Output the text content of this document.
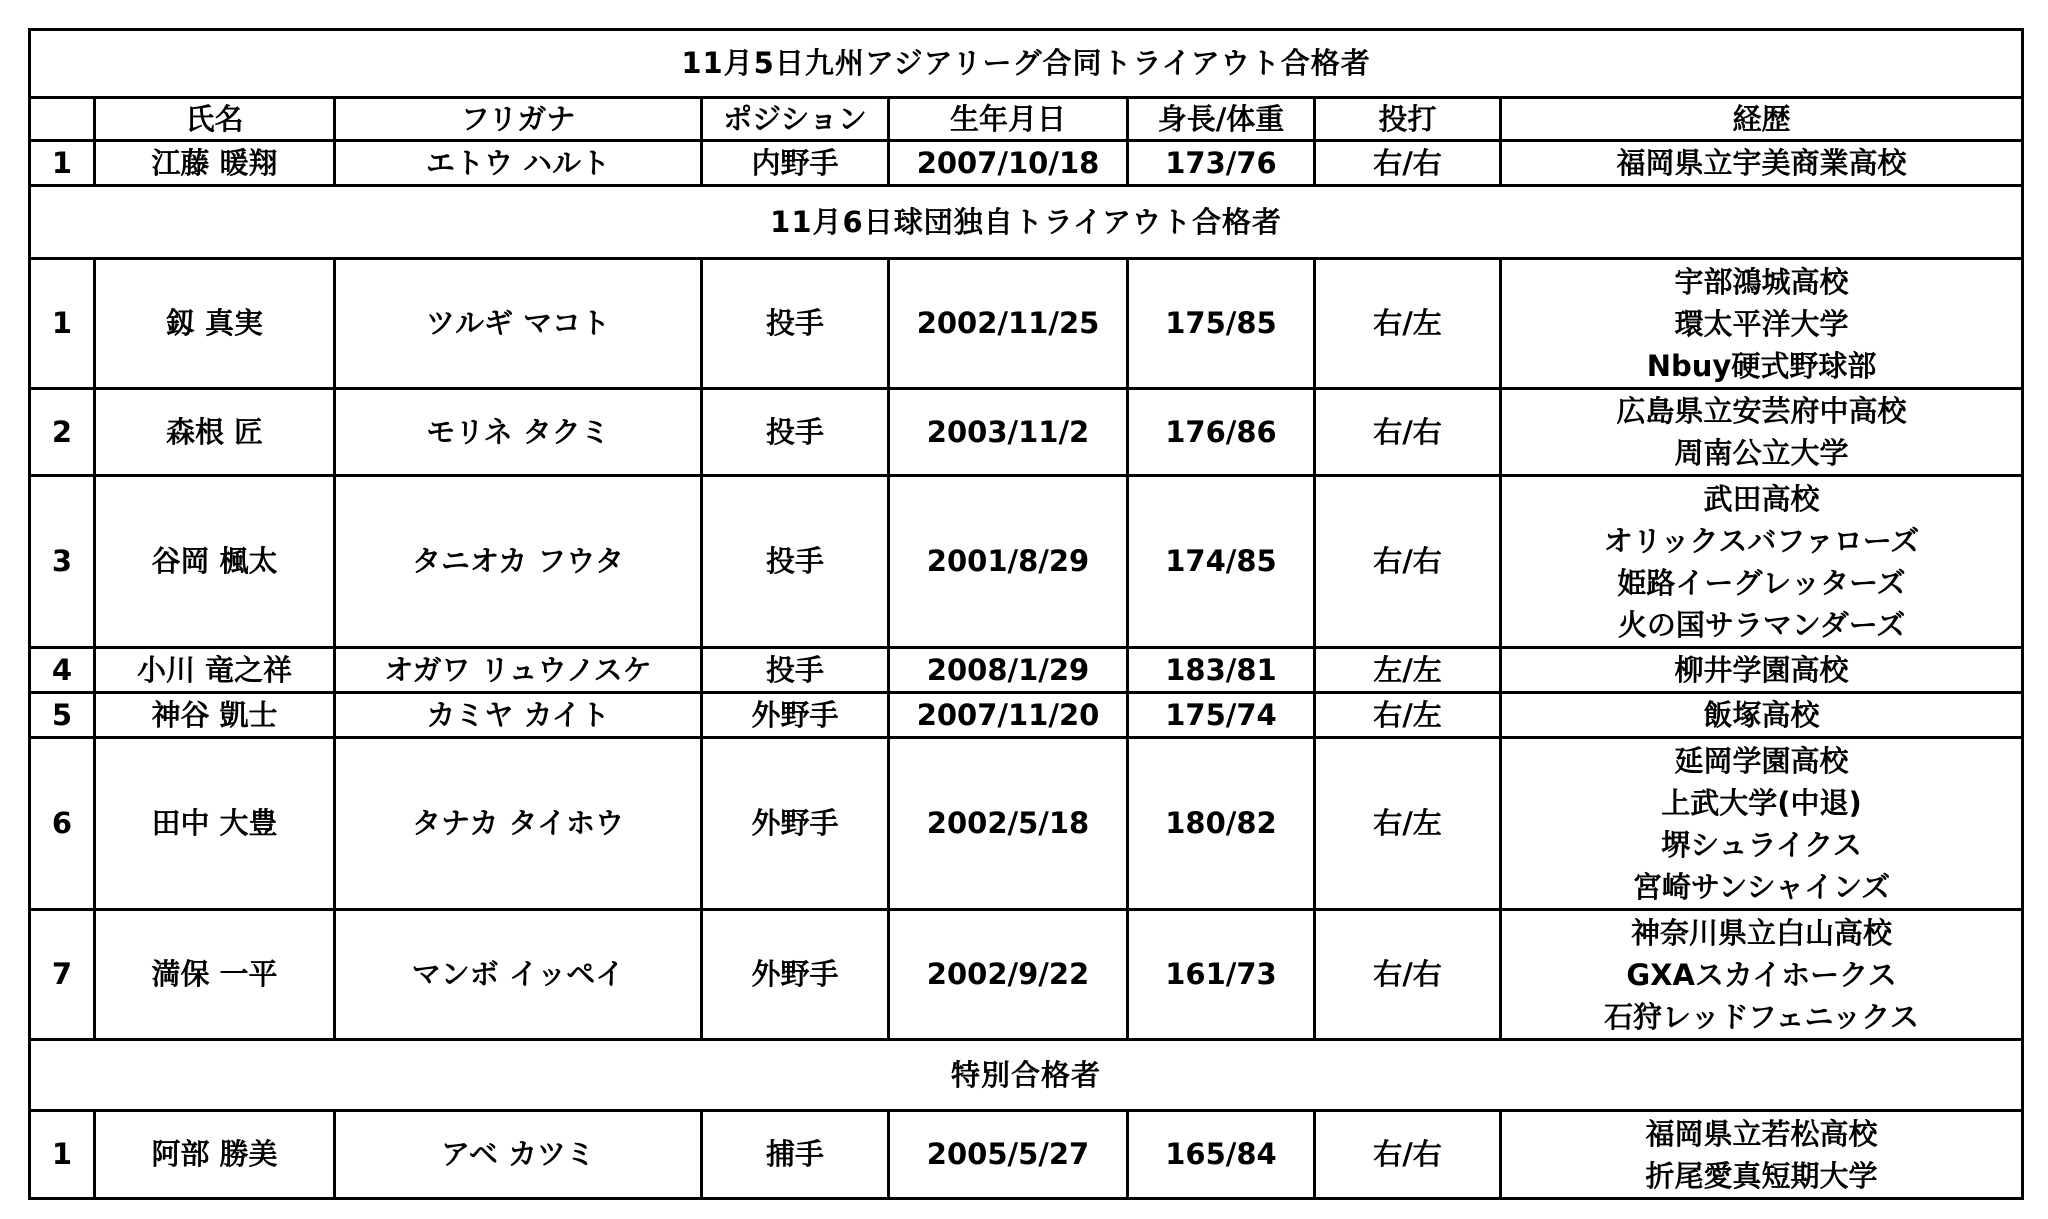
11月5日九州アジアリーグ合同トライアウト合格者							
	氏名	フリガナ	ポジション	生年月日	身長/体重	投打	経歴
1	江藤 暖翔	エトウ ハルト	内野手	2007/10/18	173/76	右/右	福岡県立宇美商業高校

11月6日球団独自トライアウト合格者							
1	釼 真実	ツルギ マコト	投手	2002/11/25	175/85	右/左	宇部鴻城高校
環太平洋大学
Nbuy硬式野球部

2	森根 匠	モリネ タクミ	投手	2003/11/2	176/86	右/右	広島県立安芸府中高校
周南公立大学

3	谷岡 楓太	タニオカ フウタ	投手	2001/8/29	174/85	右/右	武田高校
オリックスバファローズ
姫路イーグレッターズ
火の国サラマンダーズ

4	小川 竜之祥	オガワ リュウノスケ	投手	2008/1/29	183/81	左/左	柳井学園高校

5	神谷 凱士	カミヤ カイト	外野手	2007/11/20	175/74	右/左	飯塚高校

6	田中 大豊	タナカ タイホウ	外野手	2002/5/18	180/82	右/左	延岡学園高校
上武大学(中退)
堺シュライクス
宮崎サンシャインズ

7	満保 一平	マンボ イッペイ	外野手	2002/9/22	161/73	右/右	神奈川県立白山高校
GXAスカイホークス
石狩レッドフェニックス

特別合格者							
1	阿部 勝美	アベ カツミ	捕手	2005/5/27	165/84	右/右	福岡県立若松高校
折尾愛真短期大学
